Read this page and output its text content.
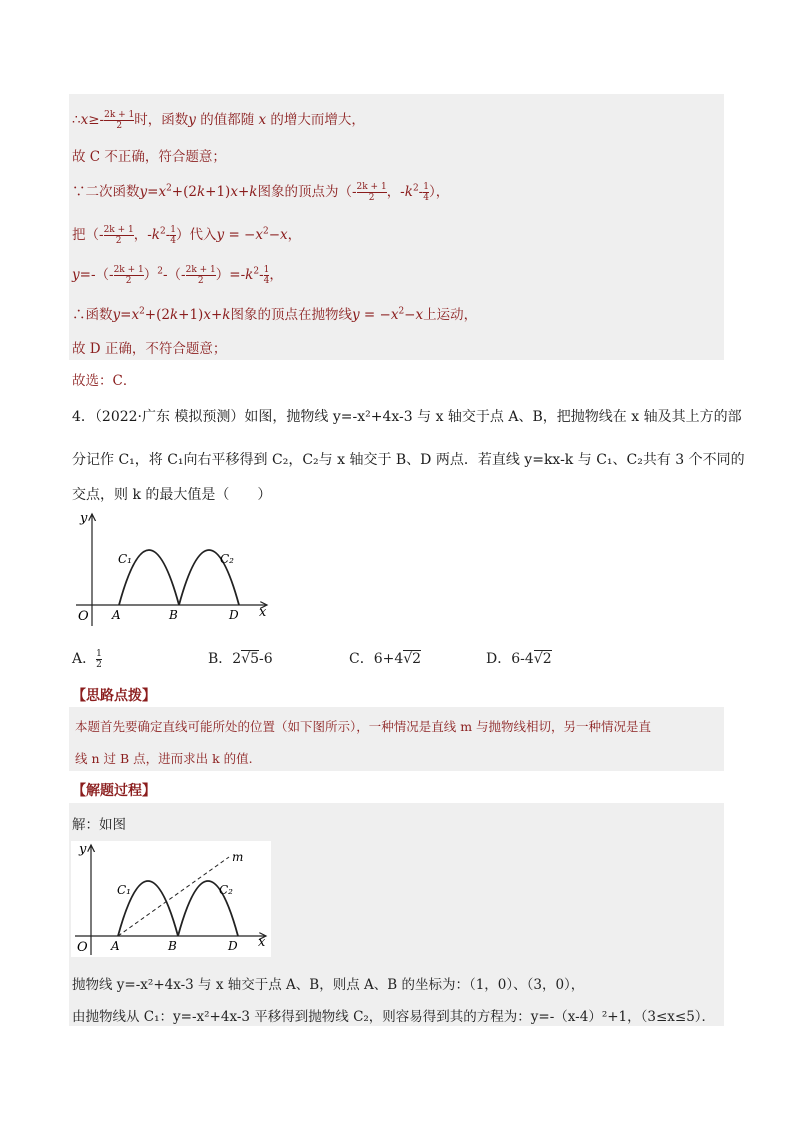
∴x≥- $\frac{2k + 1}{2}$ 时，函数y 的值都随 x 的增大而增大，
故 C 不正确，符合题意；
∵二次函数$y=x^2+(2k+1)x+k$图象的顶点为（- $\frac{2k + 1}{2}$ ，$-k^2- \frac{1}{4}$ ），
把（- $\frac{2k + 1}{2}$ ，$-k^2- \frac{1}{4}$ ）代入$y = -x^2-x$，
$y=-(- \frac{2k + 1}{2} )^2-(- \frac{2k + 1}{2} )=-k^2- \frac{1}{4}$ ，
∴函数$y=x^2+(2k+1)x+k$图象的顶点在抛物线$y = -x^2-x$上运动，
故 D 正确，不符合题意；
故选：C．
4．（2022·广东 模拟预测）如图，抛物线 y=-x²+4x-3 与 x 轴交于点 A、B，把抛物线在 x 轴及其上方的部
分记作 C₁，将 C₁向右平移得到 C₂，C₂与 x 轴交于 B、D 两点．若直线 y=kx-k 与 C₁、C₂共有 3 个不同的
交点，则 k 的最大值是（　　）
y
x
O A	B	D
C₁	C₂
A． $\frac{1}{2}$	B．2√5-6	C．6+4√2	D．6-4√2
【思路点拨】
本题首先要确定直线可能所处的位置（如下图所示），一种情况是直线 m 与抛物线相切，另一种情况是直
线 n 过 B 点，进而求出 k 的值.
【解题过程】
解：如图
y
x
O A	B	D
C₁	C₂
m
抛物线 y=-x²+4x-3 与 x 轴交于点 A、B，则点 A、B 的坐标为：（1，0）、（3，0），
由抛物线从 C₁：y=-x²+4x-3 平移得到抛物线 C₂，则容易得到其的方程为：y=-（x-4）²+1，（3≤x≤5）．
